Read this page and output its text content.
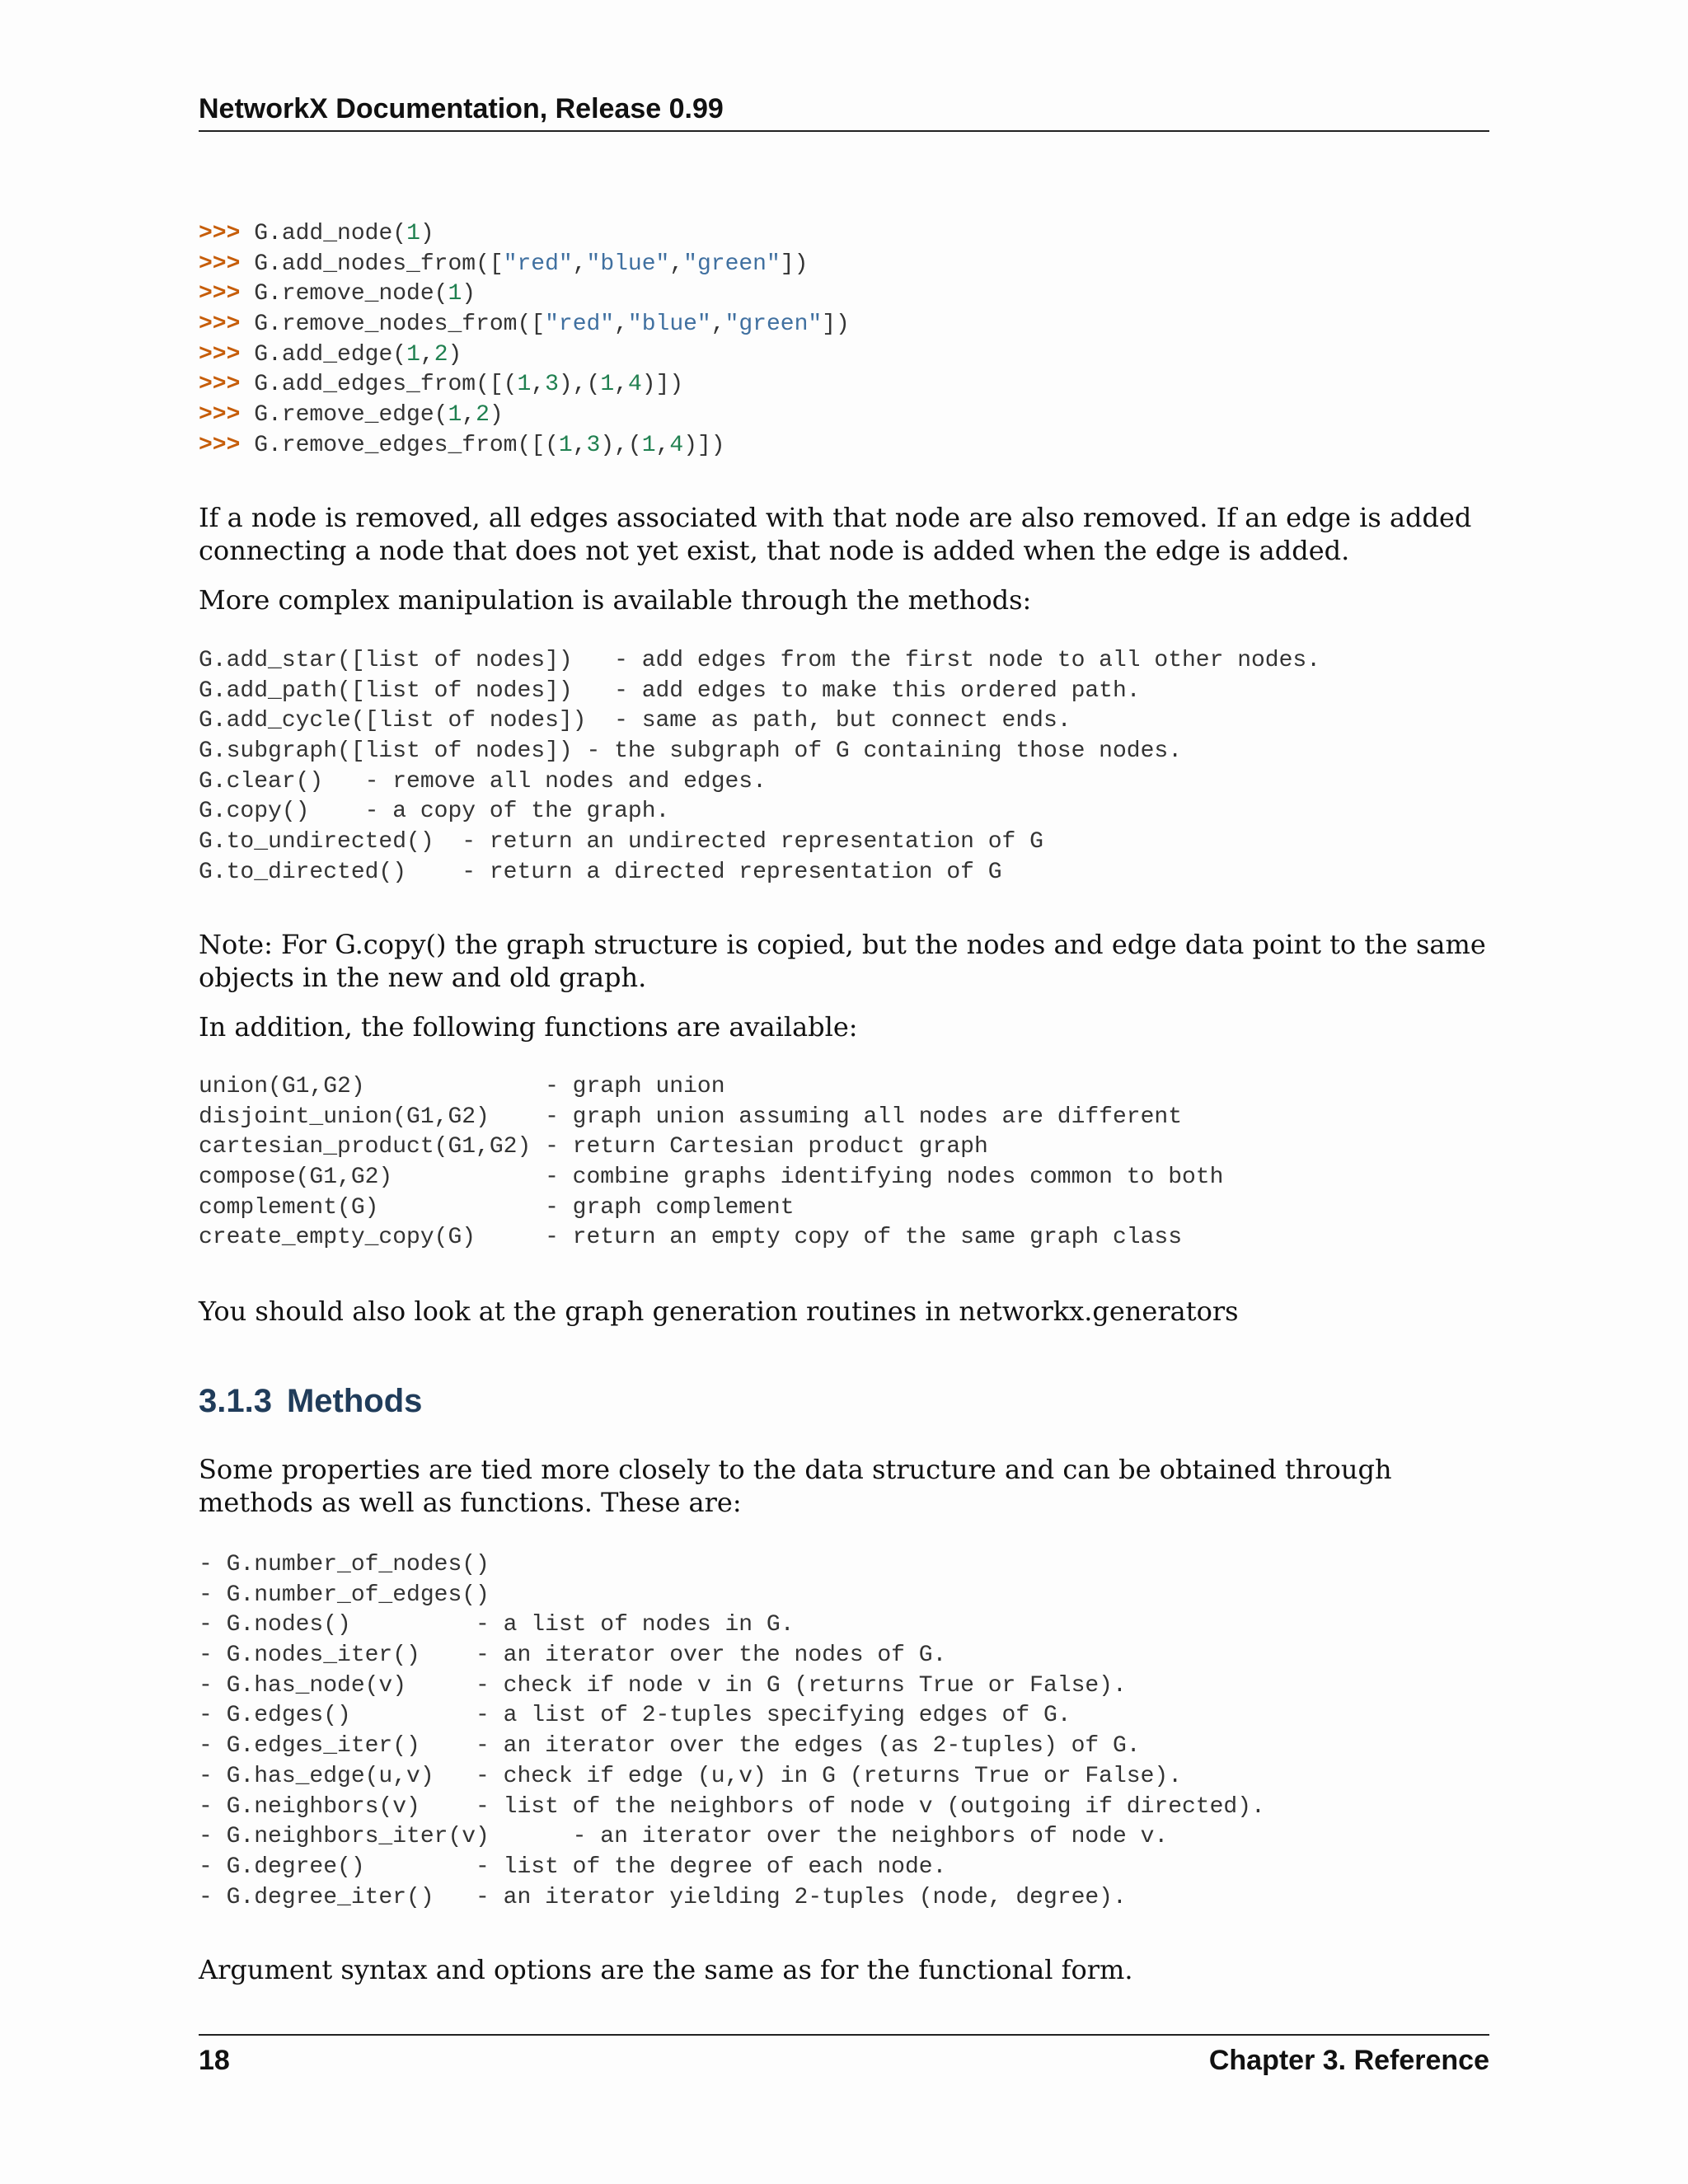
NetworkX Documentation, Release 0.99
>>> G.add_node(1)
>>> G.add_nodes_from(["red","blue","green"])
>>> G.remove_node(1)
>>> G.remove_nodes_from(["red","blue","green"])
>>> G.add_edge(1,2)
>>> G.add_edges_from([(1,3),(1,4)])
>>> G.remove_edge(1,2)
>>> G.remove_edges_from([(1,3),(1,4)])
If a node is removed, all edges associated with that node are also removed. If an edge is added connecting a node that does not yet exist, that node is added when the edge is added.
More complex manipulation is available through the methods:
G.add_star([list of nodes])   - add edges from the first node to all other nodes.
G.add_path([list of nodes])   - add edges to make this ordered path.
G.add_cycle([list of nodes])  - same as path, but connect ends.
G.subgraph([list of nodes]) - the subgraph of G containing those nodes.
G.clear()   - remove all nodes and edges.
G.copy()    - a copy of the graph.
G.to_undirected()  - return an undirected representation of G
G.to_directed()    - return a directed representation of G
Note: For G.copy() the graph structure is copied, but the nodes and edge data point to the same objects in the new and old graph.
In addition, the following functions are available:
union(G1,G2)             - graph union
disjoint_union(G1,G2)    - graph union assuming all nodes are different
cartesian_product(G1,G2) - return Cartesian product graph
compose(G1,G2)           - combine graphs identifying nodes common to both
complement(G)            - graph complement
create_empty_copy(G)     - return an empty copy of the same graph class
You should also look at the graph generation routines in networkx.generators
3.1.3 Methods
Some properties are tied more closely to the data structure and can be obtained through methods as well as functions. These are:
- G.number_of_nodes()
- G.number_of_edges()
- G.nodes()         - a list of nodes in G.
- G.nodes_iter()    - an iterator over the nodes of G.
- G.has_node(v)     - check if node v in G (returns True or False).
- G.edges()         - a list of 2-tuples specifying edges of G.
- G.edges_iter()    - an iterator over the edges (as 2-tuples) of G.
- G.has_edge(u,v)   - check if edge (u,v) in G (returns True or False).
- G.neighbors(v)    - list of the neighbors of node v (outgoing if directed).
- G.neighbors_iter(v)      - an iterator over the neighbors of node v.
- G.degree()        - list of the degree of each node.
- G.degree_iter()   - an iterator yielding 2-tuples (node, degree).
Argument syntax and options are the same as for the functional form.
18	Chapter 3. Reference
